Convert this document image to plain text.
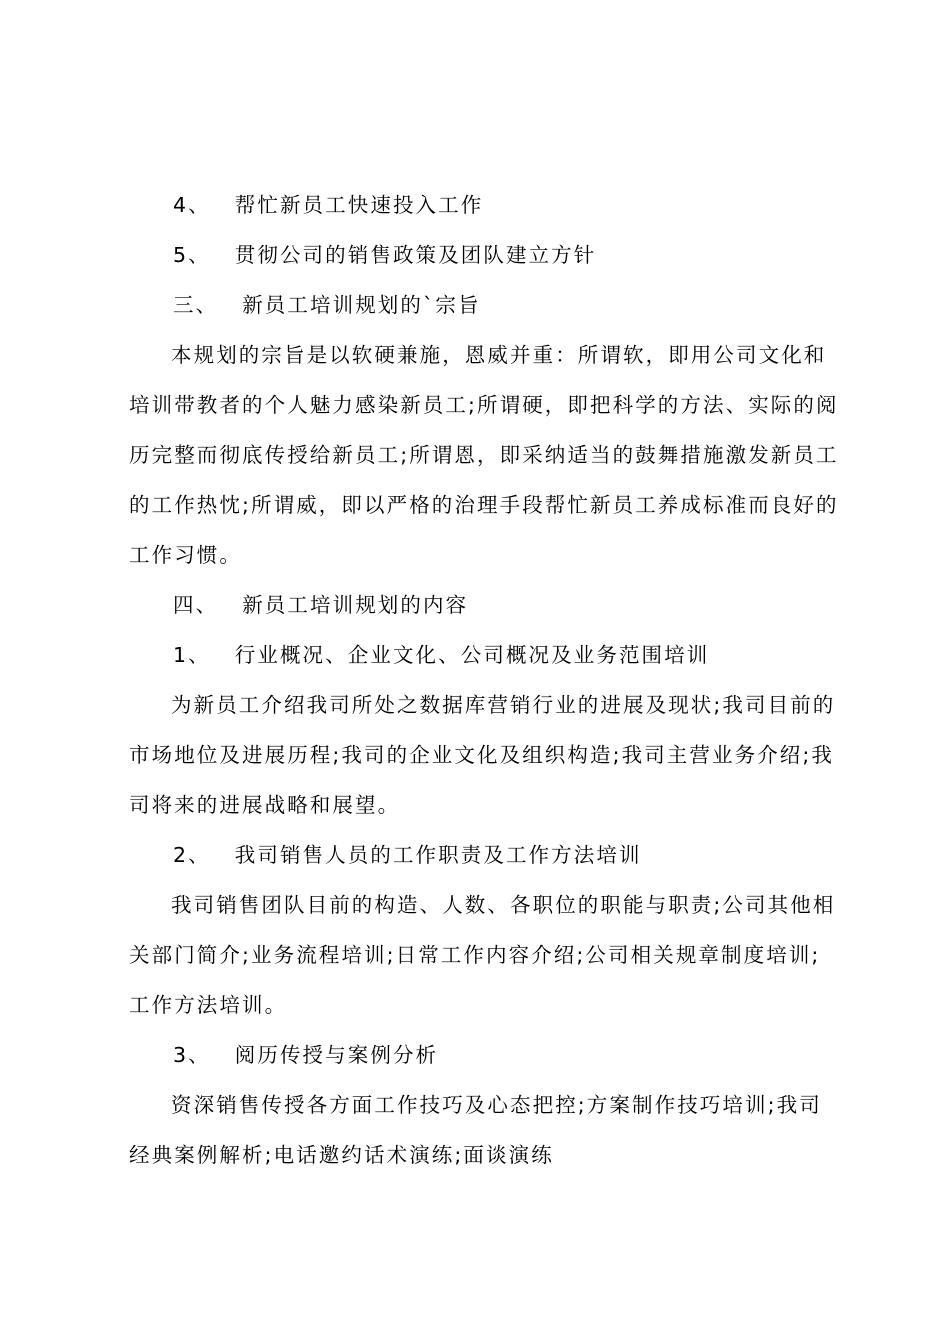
4、 帮忙新员工快速投入工作
5、 贯彻公司的销售政策及团队建立方针
三、 新员工培训规划的`宗旨
本规划的宗旨是以软硬兼施，恩威并重：所谓软，即用公司文化和
培训带教者的个人魅力感染新员工;所谓硬，即把科学的方法、实际的阅
历完整而彻底传授给新员工;所谓恩，即采纳适当的鼓舞措施激发新员工
的工作热忱;所谓威，即以严格的治理手段帮忙新员工养成标准而良好的
工作习惯。
四、 新员工培训规划的内容
1、 行业概况、企业文化、公司概况及业务范围培训
为新员工介绍我司所处之数据库营销行业的进展及现状;我司目前的
市场地位及进展历程;我司的企业文化及组织构造;我司主营业务介绍;我
司将来的进展战略和展望。
2、 我司销售人员的工作职责及工作方法培训
我司销售团队目前的构造、人数、各职位的职能与职责;公司其他相
关部门简介;业务流程培训;日常工作内容介绍;公司相关规章制度培训;
工作方法培训。
3、 阅历传授与案例分析
资深销售传授各方面工作技巧及心态把控;方案制作技巧培训;我司
经典案例解析;电话邀约话术演练;面谈演练
